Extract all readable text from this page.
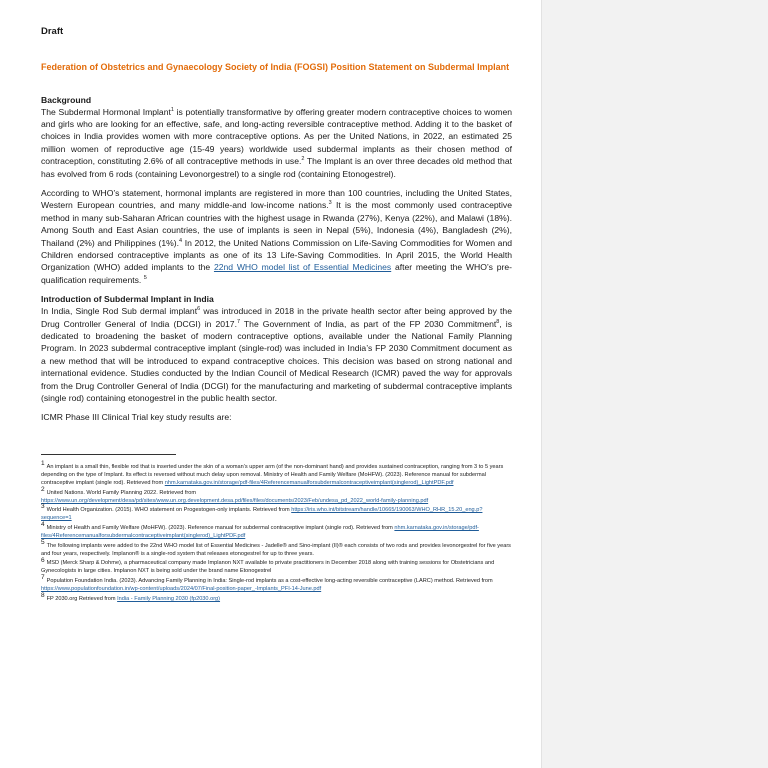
Draft
Federation of Obstetrics and Gynaecology Society of India (FOGSI) Position Statement on Subdermal Implant
Background

The Subdermal Hormonal Implant$^1$ is potentially transformative by offering greater modern contraceptive choices to women and girls who are looking for an effective, safe, and long-acting reversible contraceptive method. Adding it to the basket of choices in India provides women with more contraceptive options. As per the United Nations, in 2022, an estimated 25 million women of reproductive age (15-49 years) worldwide used subdermal implants as their chosen method of contraception, constituting 2.6% of all contraceptive methods in use.$^2$ The Implant is an over three decades old method that has evolved from 6 rods (containing Levonorgestrel) to a single rod (containing Etonogestrel).

According to WHO’s statement, hormonal implants are registered in more than 100 countries, including the United States, Western European countries, and many middle-and low-income nations.$^3$ It is the most commonly used contraceptive method in many sub-Saharan African countries with the highest usage in Rwanda (27%), Kenya (22%), and Malawi (18%). Among South and East Asian countries, the use of implants is seen in Nepal (5%), Indonesia (4%), Bangladesh (2%), Thailand (2%) and Philippines (1%).$^4$ In 2012, the United Nations Commission on Life-Saving Commodities for Women and Children endorsed contraceptive implants as one of its 13 Life-Saving Commodities. In April 2015, the World Health Organization (WHO) added implants to the 22nd WHO model list of Essential Medicines after meeting the WHO’s pre-qualification requirements. $^5$

Introduction of Subdermal Implant in India

In India, Single Rod Sub dermal implant$^6$ was introduced in 2018 in the private health sector after being approved by the Drug Controller General of India (DCGI) in 2017.$^7$ The Government of India, as part of the FP 2030 Commitment$^8$, is dedicated to broadening the basket of modern contraceptive options, available under the National Family Planning Program. In 2023 subdermal contraceptive implant (single-rod) was included in India’s FP 2030 Commitment document as a new method that will be introduced to expand contraceptive choices. This decision was based on strong national and international evidence. Studies conducted by the Indian Council of Medical Research (ICMR) paved the way for approvals from the Drug Controller General of India (DCGI) for the manufacturing and marketing of subdermal contraceptive implants (single rod) containing etonogestrel in the public health sector.

ICMR Phase III Clinical Trial key study results are:

1 An implant is a small thin, flexible rod that is inserted under the skin of a woman’s upper arm (of the non-dominant hand) and provides sustained contraception, ranging from 3 to 5 years depending on the type of Implant. Its effect is reversed without much delay upon removal. Ministry of Health and Family Welfare (MoHFW). (2023). Reference manual for subdermal contraceptive implant (single rod). Retrieved from nhm.karnataka.gov.in/storage/pdf-files/4Referencemanualforsubdermalcontraceptiveimplant(singlerod)_LightPDF.pdf
2 United Nations. World Family Planning 2022. Retrieved from https://www.un.org/development/desa/pd/sites/www.un.org.development.desa.pd/files/files/documents/2023/Feb/undesa_pd_2022_world-family-planning.pdf
3 World Health Organization. (2015). WHO statement on Progestogen-only implants. Retrieved from https://iris.who.int/bitstream/handle/10665/190063/WHO_RHR_15.20_eng.p?sequence=1
4 Ministry of Health and Family Welfare (MoHFW). (2023). Reference manual for subdermal contraceptive implant (single rod). Retrieved from nhm.karnataka.gov.in/storage/pdf-files/4Referencemanualforsubdermalcontraceptiveimplant(singlerod)_LightPDF.pdf
5 The following implants were added to the 22nd WHO model list of Essential Medicines - Jadelle® and Sino-implant (II)® each consists of two rods and provides levonorgestrel for five years and four years, respectively. Implanon® is a single-rod system that releases etonogestrel for up to three years.
6 MSD (Merck Sharp & Dohme), a pharmaceutical company made Implanon NXT available to private practitioners in December 2018 along with training sessions for Obstetricians and Gynecologists in large cities. Implanon NXT is being sold under the brand name Etonogestrel
7 Population Foundation India. (2023). Advancing Family Planning in India: Single-rod implants as a cost-effective long-acting reversible contraceptive (LARC) method. Retrieved from https://www.populationfoundation.in/wp-content/uploads/2024/07/Final-position-paper_-Implants_PFI-14-June.pdf
8 FP 2030.org Retrieved from India - Family Planning 2030 (fp2030.org)
